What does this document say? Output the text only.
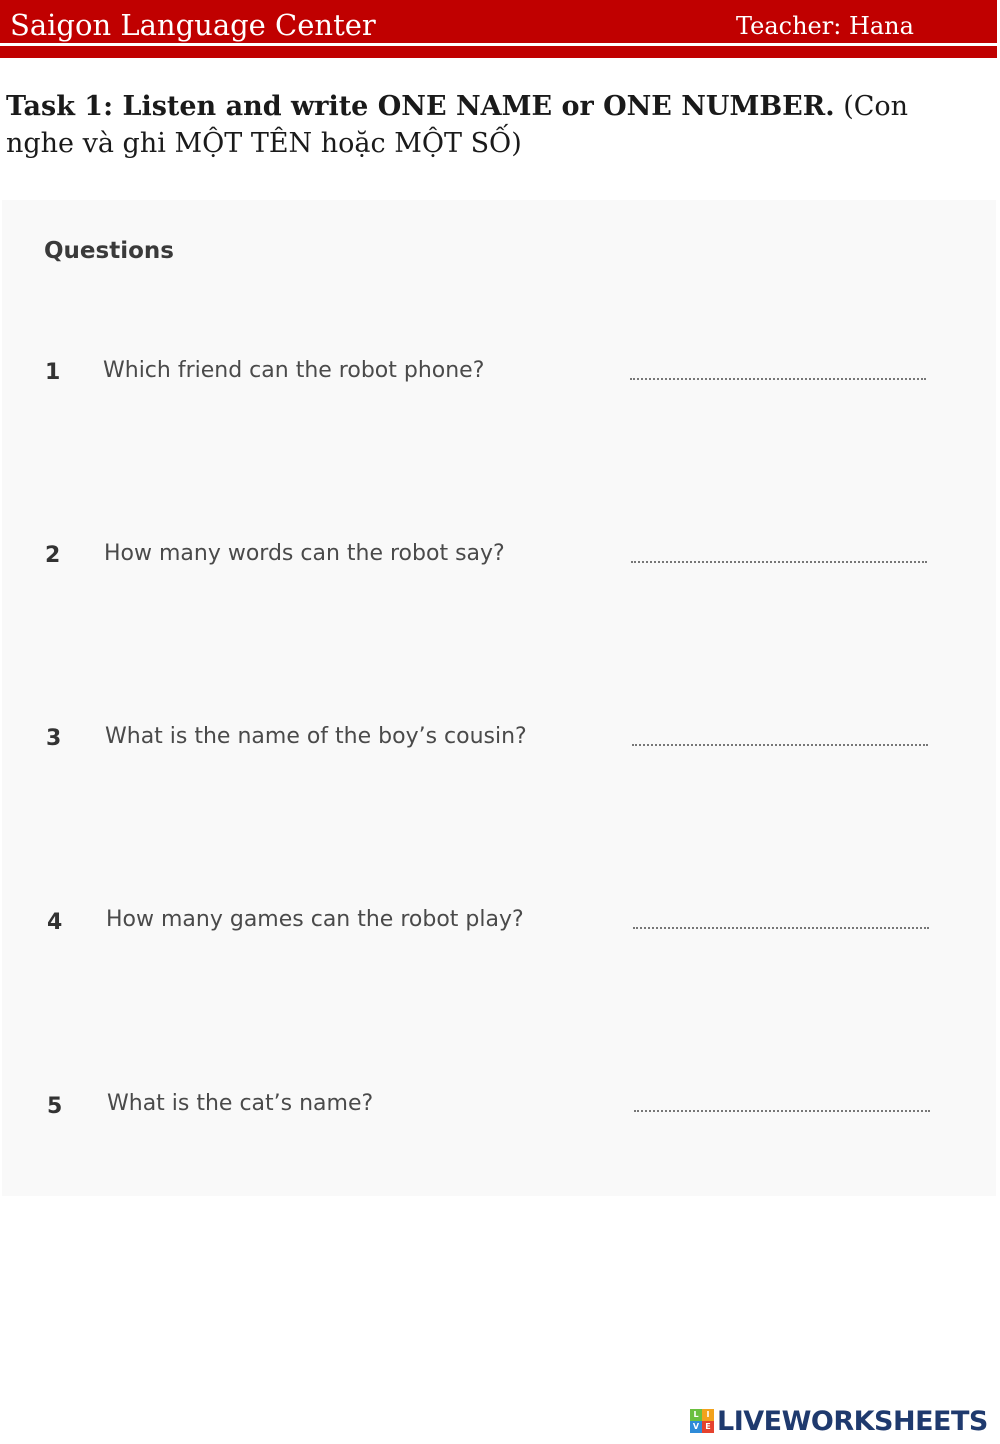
Saigon Language Center	Teacher: Hana
Task 1: Listen and write ONE NAME or ONE NUMBER. (Con nghe và ghi MỘT TÊN hoặc MỘT SỐ)
Questions
1 Which friend can the robot phone?
2 How many words can the robot say?
3 What is the name of the boy’s cousin?
4 How many games can the robot play?
5 What is the cat’s name?
L I
V E LIVEWORKSHEETS
